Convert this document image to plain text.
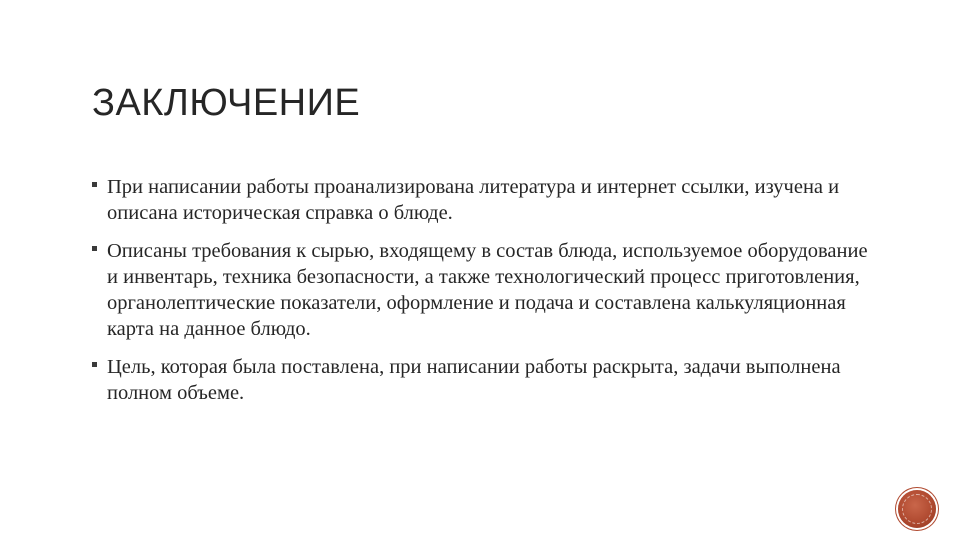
ЗАКЛЮЧЕНИЕ
При написании работы проанализирована литература и интернет ссылки, изучена и описана историческая справка о блюде.
Описаны требования к сырью, входящему в состав блюда, используемое оборудование и инвентарь, техника безопасности, а также технологический процесс приготовления, органолептические показатели, оформление и подача и составлена калькуляционная карта на данное блюдо.
Цель, которая была поставлена, при написании работы раскрыта, задачи выполнена полном объеме.
